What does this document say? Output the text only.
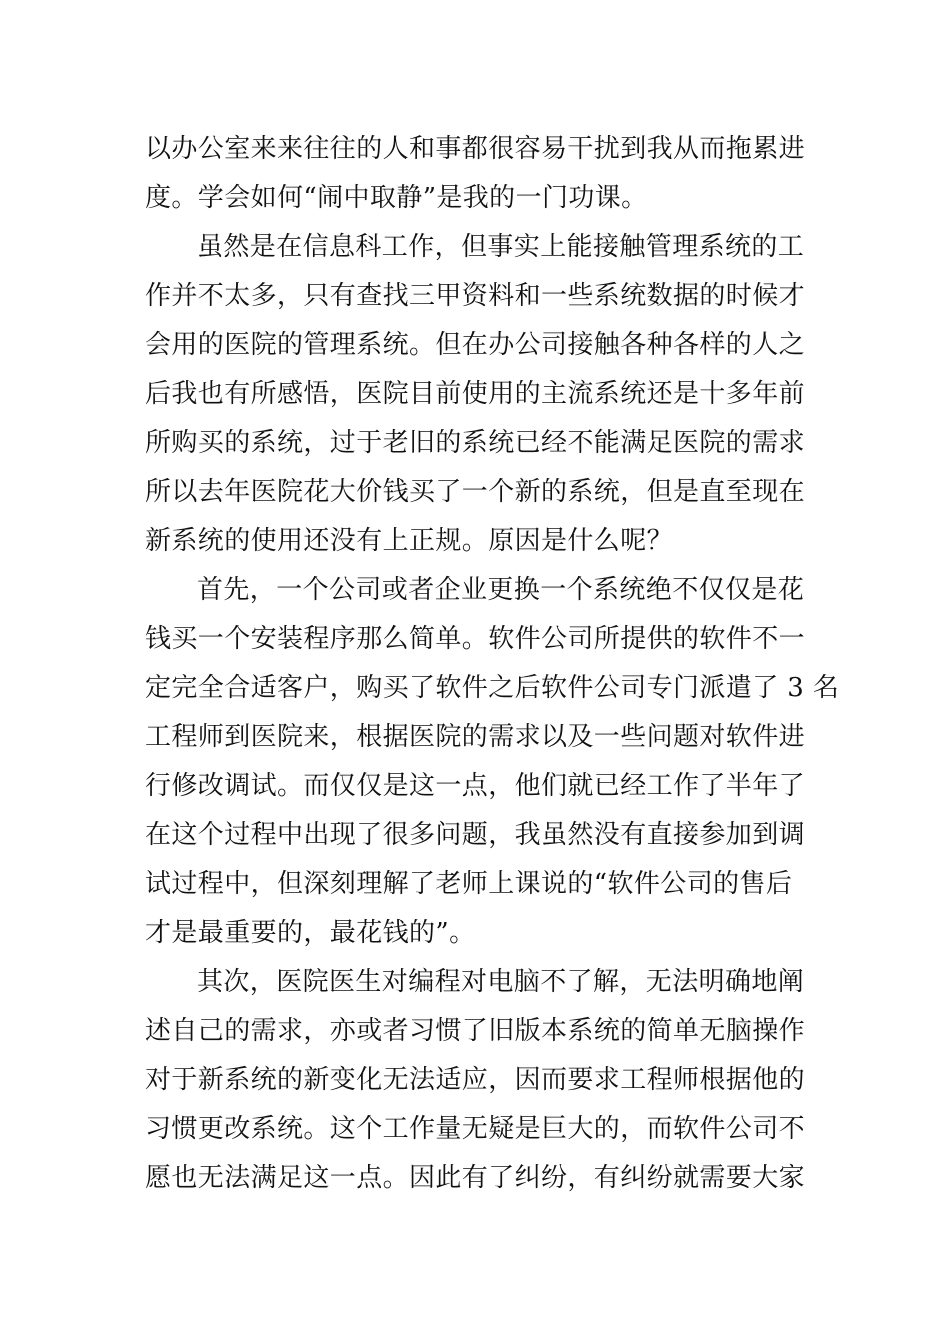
以办公室来来往往的人和事都很容易干扰到我从而拖累进
度。学会如何“闹中取静”是我的一门功课。
虽然是在信息科工作，但事实上能接触管理系统的工
作并不太多，只有查找三甲资料和一些系统数据的时候才
会用的医院的管理系统。但在办公司接触各种各样的人之
后我也有所感悟，医院目前使用的主流系统还是十多年前
所购买的系统，过于老旧的系统已经不能满足医院的需求
所以去年医院花大价钱买了一个新的系统，但是直至现在
新系统的使用还没有上正规。原因是什么呢？
首先，一个公司或者企业更换一个系统绝不仅仅是花
钱买一个安装程序那么简单。软件公司所提供的软件不一
定完全合适客户，购买了软件之后软件公司专门派遣了 3 名
工程师到医院来，根据医院的需求以及一些问题对软件进
行修改调试。而仅仅是这一点，他们就已经工作了半年了
在这个过程中出现了很多问题，我虽然没有直接参加到调
试过程中，但深刻理解了老师上课说的“软件公司的售后
才是最重要的，最花钱的”。
其次，医院医生对编程对电脑不了解，无法明确地阐
述自己的需求，亦或者习惯了旧版本系统的简单无脑操作
对于新系统的新变化无法适应，因而要求工程师根据他的
习惯更改系统。这个工作量无疑是巨大的，而软件公司不
愿也无法满足这一点。因此有了纠纷，有纠纷就需要大家
